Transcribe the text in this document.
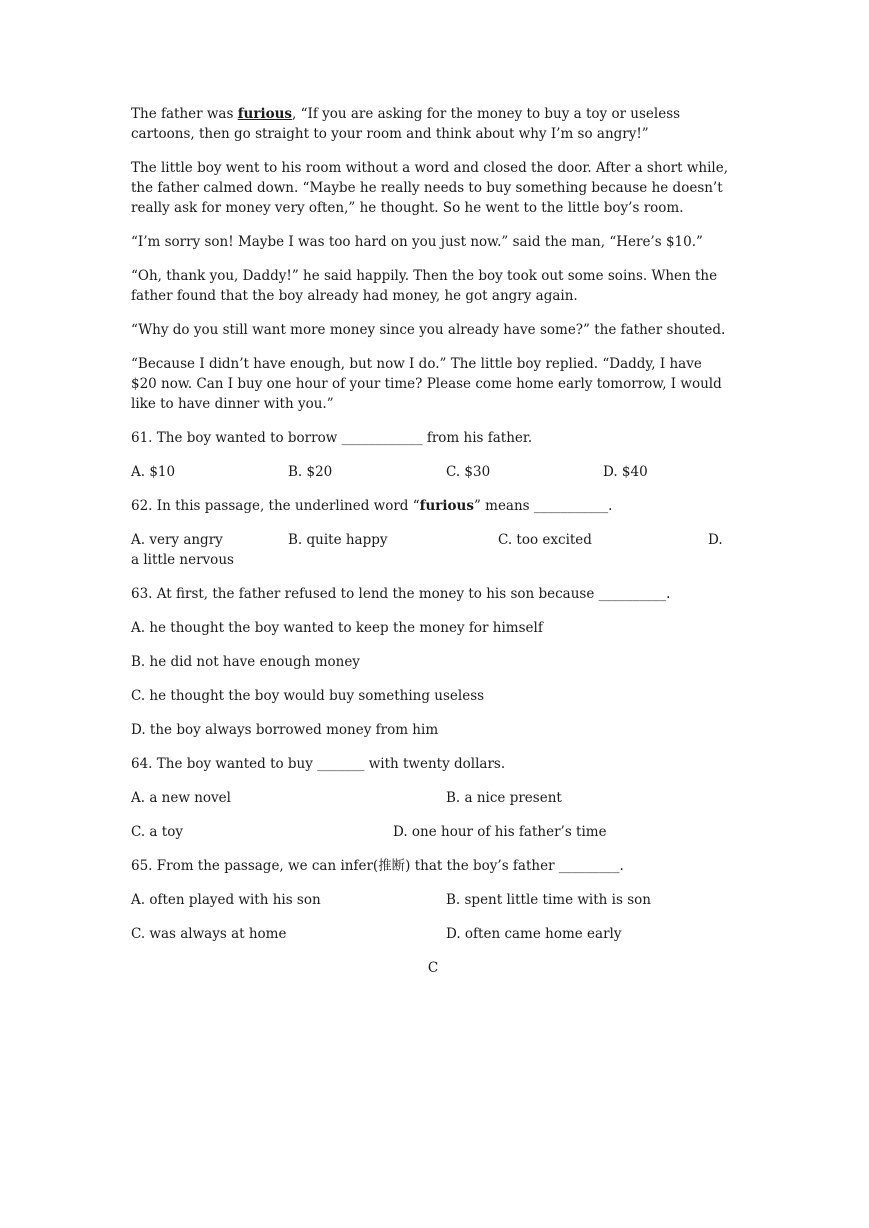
The father was furious, “If you are asking for the money to buy a toy or useless cartoons, then go straight to your room and think about why I’m so angry!”

The little boy went to his room without a word and closed the door. After a short while, the father calmed down. “Maybe he really needs to buy something because he doesn’t really ask for money very often,” he thought. So he went to the little boy’s room.

“I’m sorry son! Maybe I was too hard on you just now.” said the man, “Here’s $10.”

“Oh, thank you, Daddy!” he said happily. Then the boy took out some soins. When the father found that the boy already had money, he got angry again.

“Why do you still want more money since you already have some?” the father shouted.

“Because I didn’t have enough, but now I do.” The little boy replied. “Daddy, I have $20 now. Can I buy one hour of your time? Please come home early tomorrow, I would like to have dinner with you.”

61. The boy wanted to borrow ____________ from his father.

A. $10	B. $20	C. $30	D. $40

62. In this passage, the underlined word “furious” means ___________.

A. very angry	B. quite happy	C. too excited	D.

a little nervous

63. At first, the father refused to lend the money to his son because __________.

A. he thought the boy wanted to keep the money for himself

B. he did not have enough money

C. he thought the boy would buy something useless

D. the boy always borrowed money from him

64. The boy wanted to buy _______ with twenty dollars.

A. a new novel	B. a nice present
C. a toy	D. one hour of his father’s time

65. From the passage, we can infer(推断) that the boy’s father _________.

A. often played with his son	B. spent little time with is son
C. was always at home	D. often came home early

C
